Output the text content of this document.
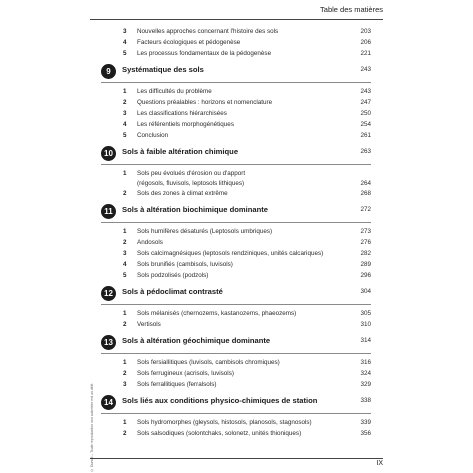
Table des matières
3	Nouvelles approches concernant l'histoire des sols	203
4	Facteurs écologiques et pédogenèse	206
5	Les processus fondamentaux de la pédogenèse	221
9	Systématique des sols	243
1	Les difficultés du problème	243
2	Questions préalables : horizons et nomenclature	247
3	Les classifications hiérarchisées	250
4	Les référentiels morphogénétiques	254
5	Conclusion	261
10	Sols à faible altération chimique	263
1	Sols peu évolués d'érosion ou d'apport
(régosols, fluvisols, leptosols lithiques)	264
2	Sols des zones à climat extrême	268
11	Sols à altération biochimique dominante	272
1	Sols humifères désaturés (Leptosols umbriques)	273
2	Andosols	276
3	Sols calcimagnésiques (leptosols rendziniques, unités calcariques)	282
4	Sols brunifiés (cambisols, luvisols)	289
5	Sols podzolisés (podzols)	296
12	Sols à pédoclimat contrasté	304
1	Sols mélanisés (chernozems, kastanozems, phaeozems)	305
2	Vertisols	310
13	Sols à altération géochimique dominante	314
1	Sols fersiallitiques (luvisols, cambisols chromiques)	316
2	Sols ferrugineux (acrisols, luvisols)	324
3	Sols ferrallitiques (ferralsols)	329
14	Sols liés aux conditions physico-chimiques de station	338
1	Sols hydromorphes (gleysols, histosols, planosols, stagnosols)	339
2	Sols salsodiques (solontchaks, solonetz, unités thioniques)	356
© Dunod – Toute reproduction non autorisée est un délit.	IX
